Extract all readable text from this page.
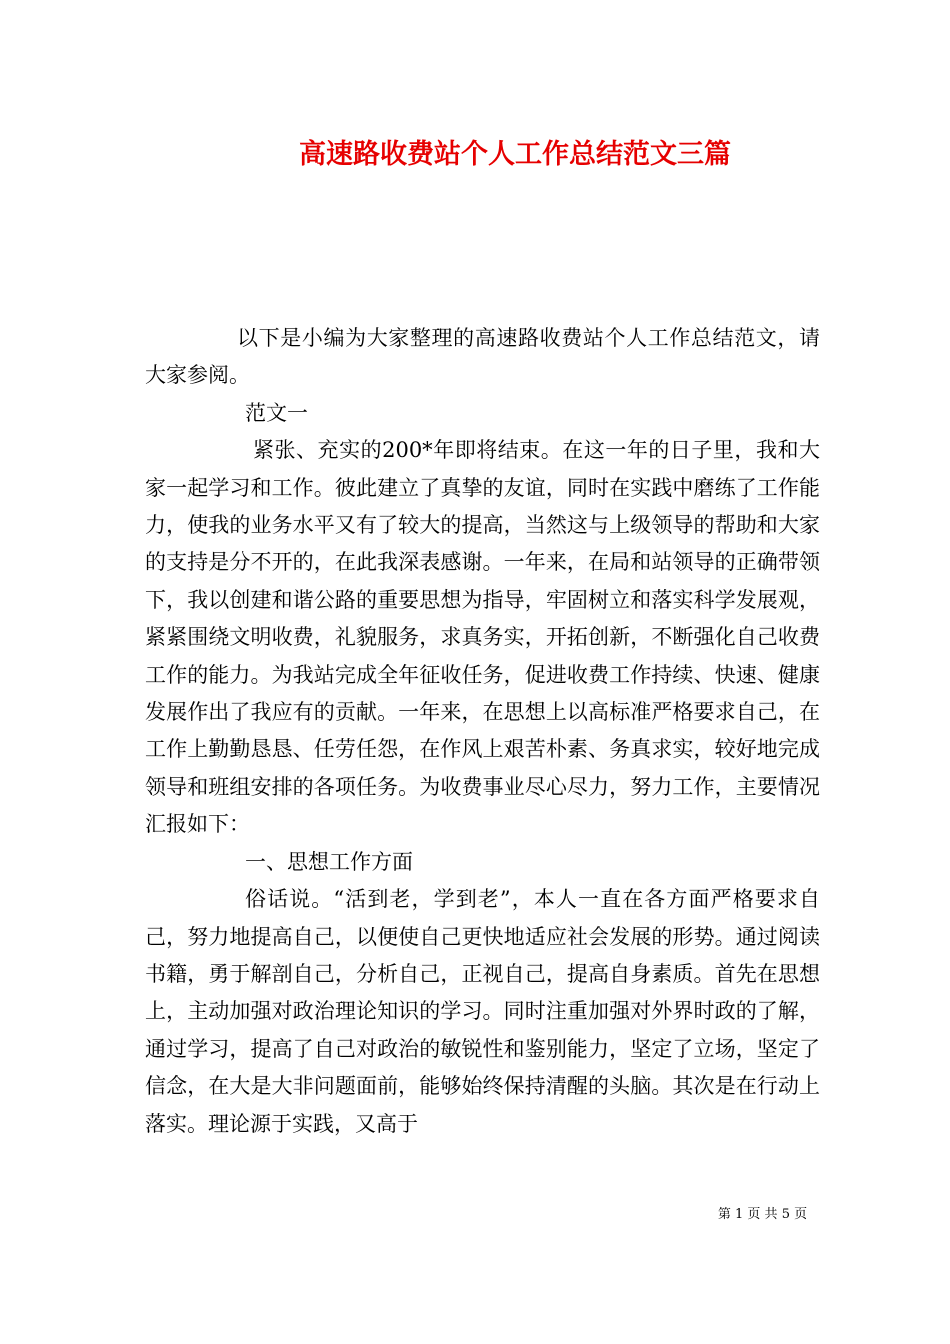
高速路收费站个人工作总结范文三篇

以下是小编为大家整理的高速路收费站个人工作总结范文，请大家参阅。

范文一

紧张、充实的200*年即将结束。在这一年的日子里，我和大家一起学习和工作。彼此建立了真挚的友谊，同时在实践中磨练了工作能力，使我的业务水平又有了较大的提高，当然这与上级领导的帮助和大家的支持是分不开的，在此我深表感谢。一年来，在局和站领导的正确带领下，我以创建和谐公路的重要思想为指导，牢固树立和落实科学发展观，紧紧围绕文明收费，礼貌服务，求真务实，开拓创新，不断强化自己收费工作的能力。为我站完成全年征收任务，促进收费工作持续、快速、健康发展作出了我应有的贡献。一年来，在思想上以高标准严格要求自己，在工作上勤勤恳恳、任劳任怨，在作风上艰苦朴素、务真求实，较好地完成领导和班组安排的各项任务。为收费事业尽心尽力，努力工作，主要情况汇报如下：

一、思想工作方面

俗话说。“活到老，学到老”，本人一直在各方面严格要求自己，努力地提高自己，以便使自己更快地适应社会发展的形势。通过阅读书籍，勇于解剖自己，分析自己，正视自己，提高自身素质。首先在思想上，主动加强对政治理论知识的学习。同时注重加强对外界时政的了解，通过学习，提高了自己对政治的敏锐性和鉴别能力，坚定了立场，坚定了信念，在大是大非问题面前，能够始终保持清醒的头脑。其次是在行动上落实。理论源于实践，又高于

第 1 页 共 5 页
